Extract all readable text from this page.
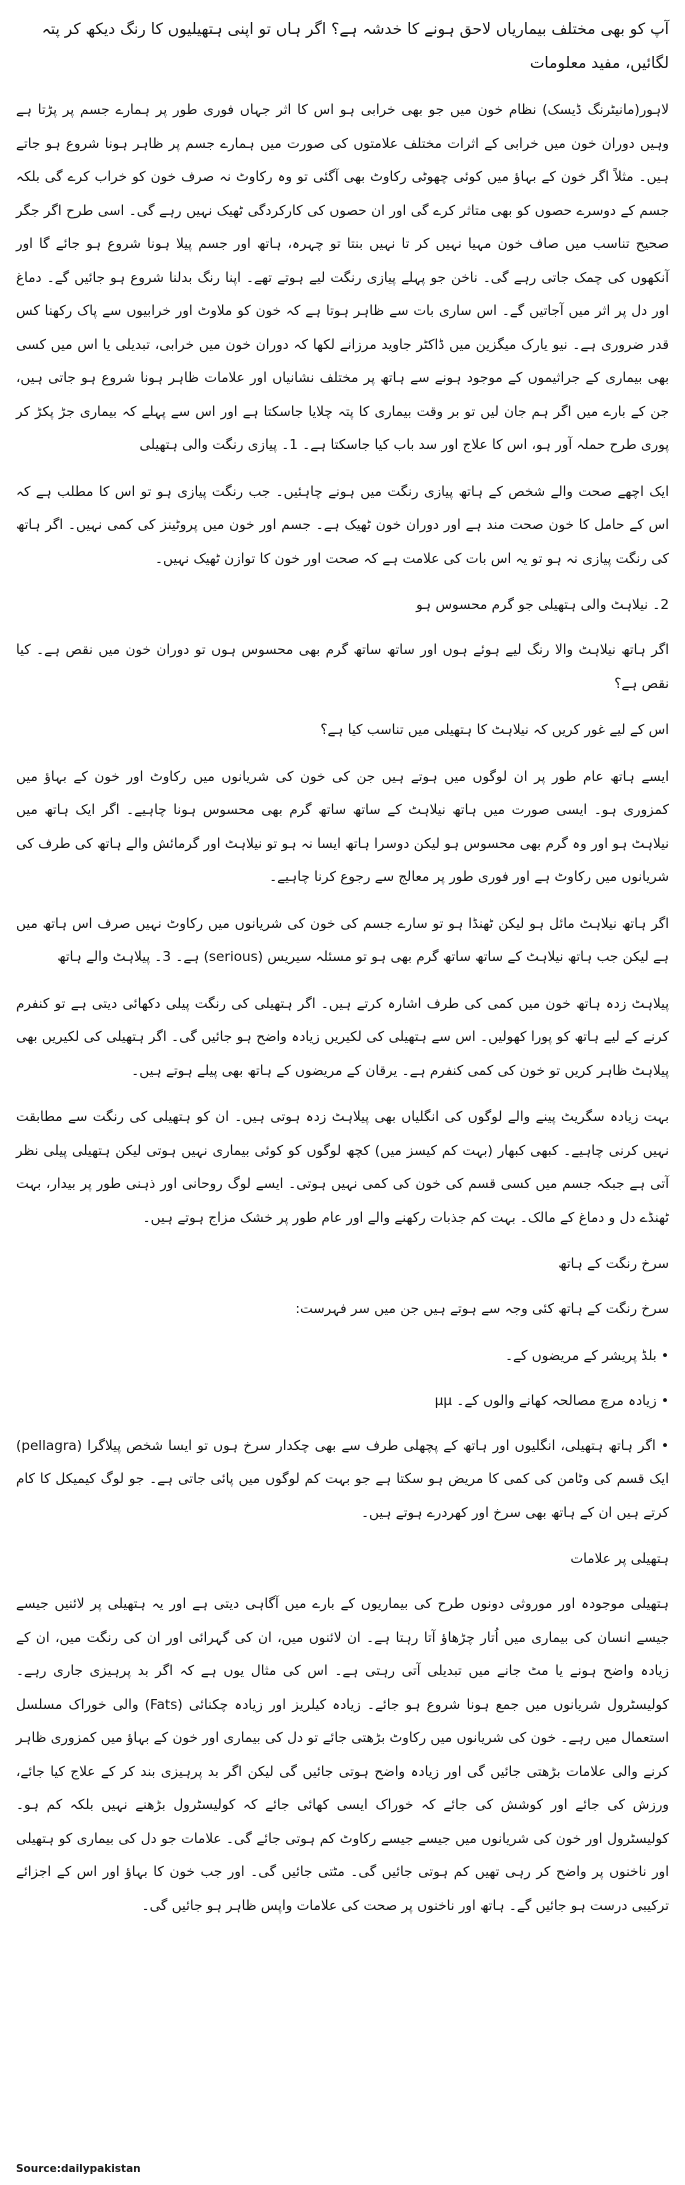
آپ کو بھی مختلف بیماریاں لاحق ہونے کا خدشہ ہے؟ اگر ہاں تو اپنی ہتھیلیوں کا رنگ دیکھ کر پتہ لگائیں، مفید معلومات

لاہور(مانیٹرنگ ڈیسک) نظام خون میں جو بھی خرابی ہو اس کا اثر جہاں فوری طور پر ہمارے جسم پر پڑتا ہے وہیں دوران خون میں خرابی کے اثرات مختلف علامتوں کی صورت میں ہمارے جسم پر ظاہر ہونا شروع ہو جاتے ہیں۔ مثلاً اگر خون کے بہاؤ میں کوئی چھوٹی رکاوٹ بھی آگئی تو وہ رکاوٹ نہ صرف خون کو خراب کرے گی بلکہ جسم کے دوسرے حصوں کو بھی متاثر کرے گی اور ان حصوں کی کارکردگی ٹھیک نہیں رہے گی۔ اسی طرح اگر جگر صحیح تناسب میں صاف خون مہیا نہیں کر تا نہیں بنتا تو چہرہ، ہاتھ اور جسم پیلا ہونا شروع ہو جائے گا اور آنکھوں کی چمک جاتی رہے گی۔ ناخن جو پہلے پیازی رنگت لیے ہوتے تھے۔ اپنا رنگ بدلنا شروع ہو جائیں گے۔ دماغ اور دل پر اثر میں آجاتیں گے۔ اس ساری بات سے ظاہر ہوتا ہے کہ خون کو ملاوٹ اور خرابیوں سے پاک رکھنا کس قدر ضروری ہے۔ نیو یارک میگزین میں ڈاکٹر جاوید مرزانے لکھا کہ دوران خون میں خرابی، تبدیلی یا اس میں کسی بھی بیماری کے جراثیموں کے موجود ہونے سے ہاتھ پر مختلف نشانیاں اور علامات ظاہر ہونا شروع ہو جاتی ہیں، جن کے بارے میں اگر ہم جان لیں تو بر وقت بیماری کا پتہ چلایا جاسکتا ہے اور اس سے پہلے کہ بیماری جڑ پکڑ کر پوری طرح حملہ آور ہو، اس کا علاج اور سد باب کیا جاسکتا ہے۔ 1۔ پیازی رنگت والی ہتھیلی

ایک اچھے صحت والے شخص کے ہاتھ پیازی رنگت میں ہونے چاہئیں۔ جب رنگت پیازی ہو تو اس کا مطلب ہے کہ اس کے حامل کا خون صحت مند ہے اور دوران خون ٹھیک ہے۔ جسم اور خون میں پروٹینز کی کمی نہیں۔ اگر ہاتھ کی رنگت پیازی نہ ہو تو یہ اس بات کی علامت ہے کہ صحت اور خون کا توازن ٹھیک نہیں۔

2۔ نیلاہٹ والی ہتھیلی جو گرم محسوس ہو

اگر ہاتھ نیلاہٹ والا رنگ لیے ہوئے ہوں اور ساتھ ساتھ گرم بھی محسوس ہوں تو دوران خون میں نقص ہے۔ کیا نقص ہے؟

اس کے لیے غور کریں کہ نیلاہٹ کا ہتھیلی میں تناسب کیا ہے؟

ایسے ہاتھ عام طور پر ان لوگوں میں ہوتے ہیں جن کی خون کی شریانوں میں رکاوٹ اور خون کے بہاؤ میں کمزوری ہو۔ ایسی صورت میں ہاتھ نیلاہٹ کے ساتھ ساتھ گرم بھی محسوس ہونا چاہیے۔ اگر ایک ہاتھ میں نیلاہٹ ہو اور وہ گرم بھی محسوس ہو لیکن دوسرا ہاتھ ایسا نہ ہو تو نیلاہٹ اور گرمائش والے ہاتھ کی طرف کی شریانوں میں رکاوٹ ہے اور فوری طور پر معالج سے رجوع کرنا چاہیے۔

اگر ہاتھ نیلاہٹ مائل ہو لیکن ٹھنڈا ہو تو سارے جسم کی خون کی شریانوں میں رکاوٹ نہیں صرف اس ہاتھ میں ہے لیکن جب ہاتھ نیلاہٹ کے ساتھ ساتھ گرم بھی ہو تو مسئلہ سیریس (serious) ہے۔ 3۔ پیلاہٹ والے ہاتھ

پیلاہٹ زدہ ہاتھ خون میں کمی کی طرف اشارہ کرتے ہیں۔ اگر ہتھیلی کی رنگت پیلی دکھائی دیتی ہے تو کنفرم کرنے کے لیے ہاتھ کو پورا کھولیں۔ اس سے ہتھیلی کی لکیریں زیادہ واضح ہو جائیں گی۔ اگر ہتھیلی کی لکیریں بھی پیلاہٹ ظاہر کریں تو خون کی کمی کنفرم ہے۔ یرقان کے مریضوں کے ہاتھ بھی پیلے ہوتے ہیں۔

بہت زیادہ سگریٹ پینے والے لوگوں کی انگلیاں بھی پیلاہٹ زدہ ہوتی ہیں۔ ان کو ہتھیلی کی رنگت سے مطابقت نہیں کرنی چاہیے۔ کبھی کبھار (بہت کم کیسز میں) کچھ لوگوں کو کوئی بیماری نہیں ہوتی لیکن ہتھیلی پیلی نظر آتی ہے جبکہ جسم میں کسی قسم کی خون کی کمی نہیں ہوتی۔ ایسے لوگ روحانی اور ذہنی طور پر بیدار، بہت ٹھنڈے دل و دماغ کے مالک۔ بہت کم جذبات رکھنے والے اور عام طور پر خشک مزاج ہوتے ہیں۔

سرخ رنگت کے ہاتھ

سرخ رنگت کے ہاتھ کئی وجہ سے ہوتے ہیں جن میں سر فہرست:

• بلڈ پریشر کے مریضوں کے۔

• زیادہ مرچ مصالحہ کھانے والوں کے۔ µµ

• اگر ہاتھ ہتھیلی، انگلیوں اور ہاتھ کے پچھلی طرف سے بھی چکدار سرخ ہوں تو ایسا شخص پیلاگرا (pellagra) ایک قسم کی وٹامن کی کمی کا مریض ہو سکتا ہے جو بہت کم لوگوں میں پائی جاتی ہے۔ جو لوگ کیمیکل کا کام کرتے ہیں ان کے ہاتھ بھی سرخ اور کھردرے ہوتے ہیں۔

ہتھیلی پر علامات

ہتھیلی موجودہ اور موروثی دونوں طرح کی بیماریوں کے بارے میں آگاہی دیتی ہے اور یہ ہتھیلی پر لائنیں جیسے جیسے انسان کی بیماری میں اُتار چڑھاؤ آتا رہتا ہے۔ ان لائنوں میں، ان کی گہرائی اور ان کی رنگت میں، ان کے زیادہ واضح ہونے یا مٹ جانے میں تبدیلی آتی رہتی ہے۔ اس کی مثال یوں ہے کہ اگر بد پرہیزی جاری رہے۔ کولیسٹرول شریانوں میں جمع ہونا شروع ہو جائے۔ زیادہ کیلریز اور زیادہ چکنائی (Fats) والی خوراک مسلسل استعمال میں رہے۔ خون کی شریانوں میں رکاوٹ بڑھتی جائے تو دل کی بیماری اور خون کے بہاؤ میں کمزوری ظاہر کرنے والی علامات بڑھتی جائیں گی اور زیادہ واضح ہوتی جائیں گی لیکن اگر بد پرہیزی بند کر کے علاج کیا جائے، ورزش کی جائے اور کوشش کی جائے کہ خوراک ایسی کھائی جائے کہ کولیسٹرول بڑھنے نہیں بلکہ کم ہو۔ کولیسٹرول اور خون کی شریانوں میں جیسے جیسے رکاوٹ کم ہوتی جائے گی۔ علامات جو دل کی بیماری کو ہتھیلی اور ناخنوں پر واضح کر رہی تھیں کم ہوتی جائیں گی۔ مٹتی جائیں گی۔ اور جب خون کا بہاؤ اور اس کے اجزائے ترکیبی درست ہو جائیں گے۔ ہاتھ اور ناخنوں پر صحت کی علامات واپس ظاہر ہو جائیں گی۔

Source:dailypakistan
